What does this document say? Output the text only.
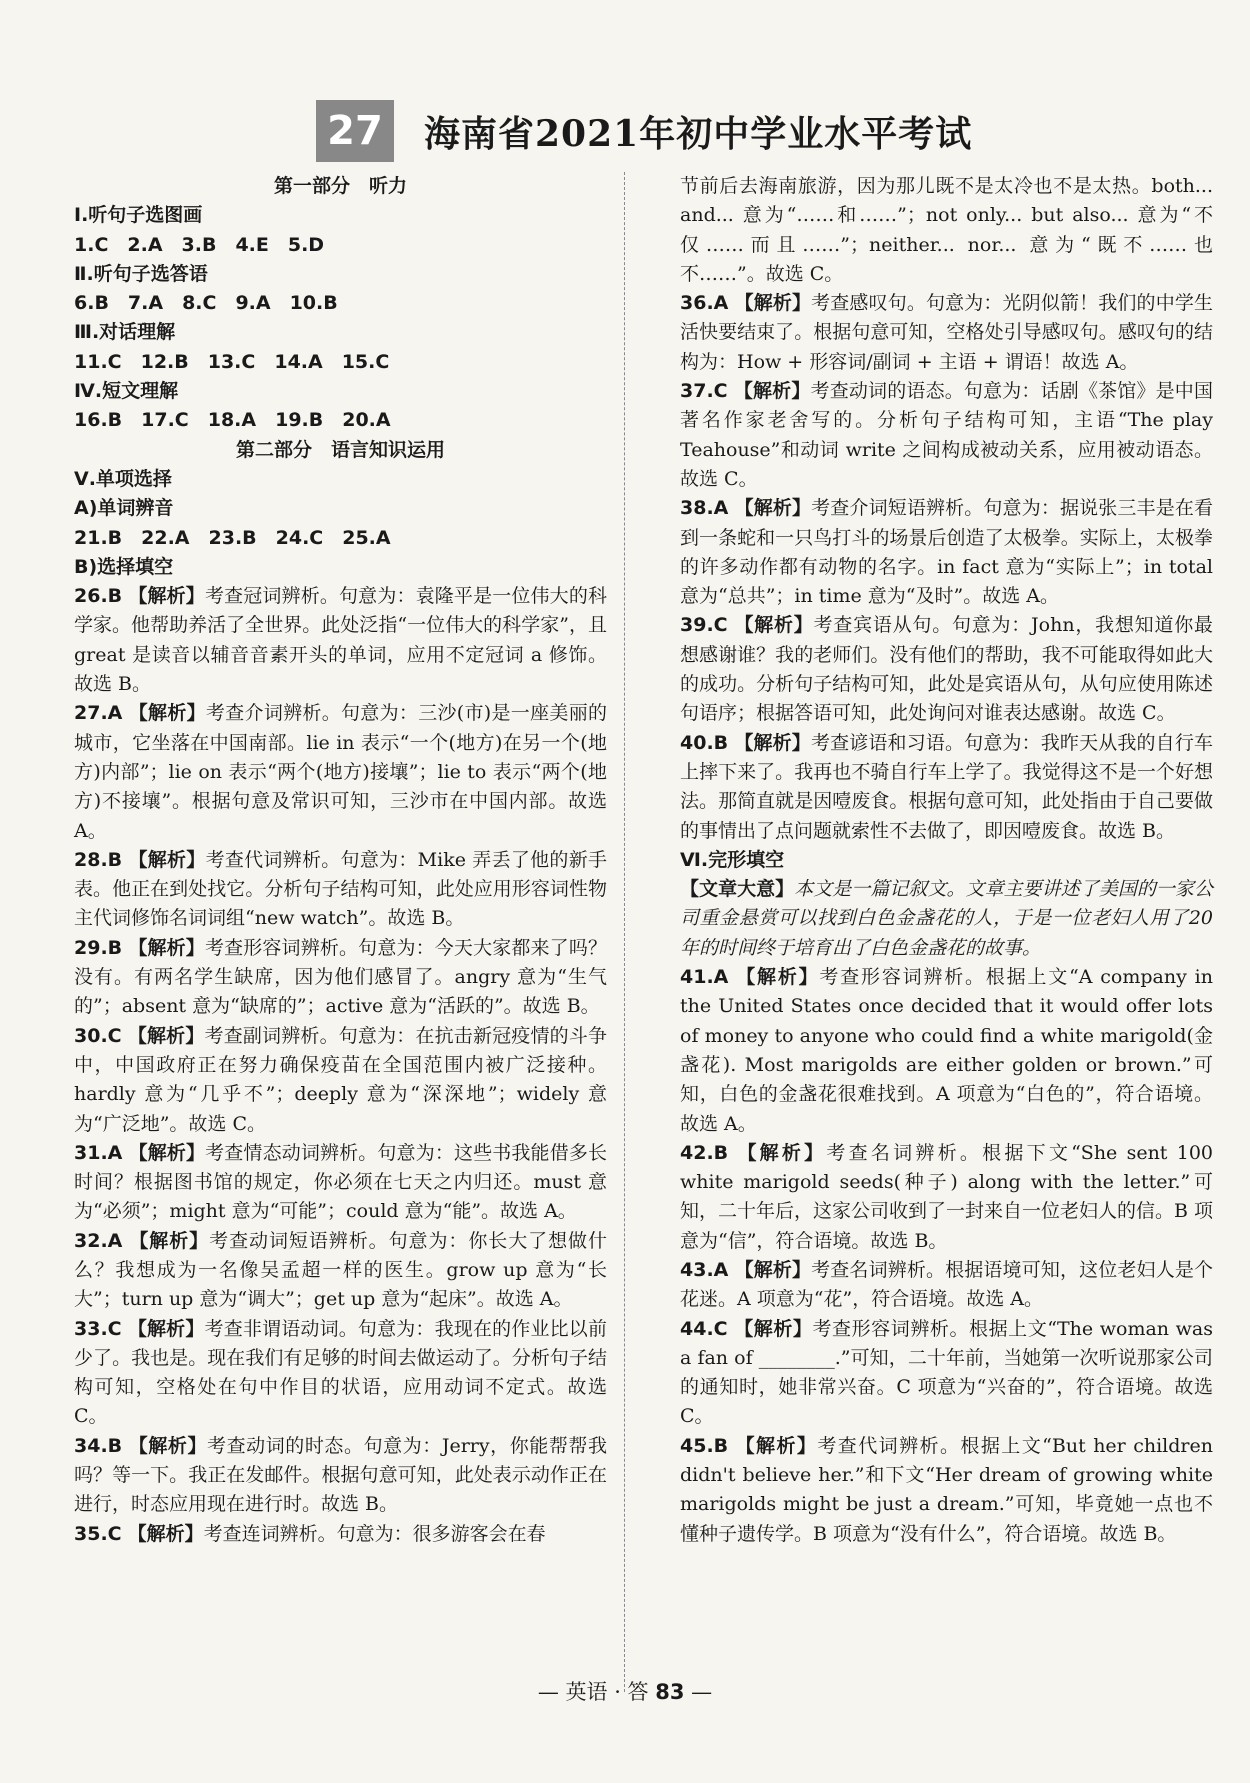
27	海南省2021年初中学业水平考试
第一部分　听力
Ⅰ.听句子选图画
1.C　2.A　3.B　4.E　5.D
Ⅱ.听句子选答语
6.B　7.A　8.C　9.A　10.B
Ⅲ.对话理解
11.C　12.B　13.C　14.A　15.C
Ⅳ.短文理解
16.B　17.C　18.A　19.B　20.A
第二部分　语言知识运用
Ⅴ.单项选择
A)单词辨音
21.B　22.A　23.B　24.C　25.A
B)选择填空
26.B 【解析】考查冠词辨析。句意为：袁隆平是一位伟大的科学家。他帮助养活了全世界。此处泛指“一位伟大的科学家”，且 great 是读音以辅音音素开头的单词，应用不定冠词 a 修饰。故选 B。
27.A 【解析】考查介词辨析。句意为：三沙(市)是一座美丽的城市，它坐落在中国南部。lie in 表示“一个(地方)在另一个(地方)内部”；lie on 表示“两个(地方)接壤”；lie to 表示“两个(地方)不接壤”。根据句意及常识可知，三沙市在中国内部。故选 A。
28.B 【解析】考查代词辨析。句意为：Mike 弄丢了他的新手表。他正在到处找它。分析句子结构可知，此处应用形容词性物主代词修饰名词词组“new watch”。故选 B。
29.B 【解析】考查形容词辨析。句意为：今天大家都来了吗？没有。有两名学生缺席，因为他们感冒了。angry 意为“生气的”；absent 意为“缺席的”；active 意为“活跃的”。故选 B。
30.C 【解析】考查副词辨析。句意为：在抗击新冠疫情的斗争中，中国政府正在努力确保疫苗在全国范围内被广泛接种。hardly 意为“几乎不”；deeply 意为“深深地”；widely 意为“广泛地”。故选 C。
31.A 【解析】考查情态动词辨析。句意为：这些书我能借多长时间？根据图书馆的规定，你必须在七天之内归还。must 意为“必须”；might 意为“可能”；could 意为“能”。故选 A。
32.A 【解析】考查动词短语辨析。句意为：你长大了想做什么？我想成为一名像吴孟超一样的医生。grow up 意为“长大”；turn up 意为“调大”；get up 意为“起床”。故选 A。
33.C 【解析】考查非谓语动词。句意为：我现在的作业比以前少了。我也是。现在我们有足够的时间去做运动了。分析句子结构可知，空格处在句中作目的状语，应用动词不定式。故选 C。
34.B 【解析】考查动词的时态。句意为：Jerry，你能帮帮我吗？等一下。我正在发邮件。根据句意可知，此处表示动作正在进行，时态应用现在进行时。故选 B。
35.C 【解析】考查连词辨析。句意为：很多游客会在春
节前后去海南旅游，因为那儿既不是太冷也不是太热。both... and... 意为“……和……”；not only... but also... 意为“不仅……而且……”；neither... nor... 意为“既不……也不……”。故选 C。
36.A 【解析】考查感叹句。句意为：光阴似箭！我们的中学生活快要结束了。根据句意可知，空格处引导感叹句。感叹句的结构为：How + 形容词/副词 + 主语 + 谓语！故选 A。
37.C 【解析】考查动词的语态。句意为：话剧《茶馆》是中国著名作家老舍写的。分析句子结构可知，主语“The play Teahouse”和动词 write 之间构成被动关系，应用被动语态。故选 C。
38.A 【解析】考查介词短语辨析。句意为：据说张三丰是在看到一条蛇和一只鸟打斗的场景后创造了太极拳。实际上，太极拳的许多动作都有动物的名字。in fact 意为“实际上”；in total 意为“总共”；in time 意为“及时”。故选 A。
39.C 【解析】考查宾语从句。句意为：John，我想知道你最想感谢谁？我的老师们。没有他们的帮助，我不可能取得如此大的成功。分析句子结构可知，此处是宾语从句，从句应使用陈述句语序；根据答语可知，此处询问对谁表达感谢。故选 C。
40.B 【解析】考查谚语和习语。句意为：我昨天从我的自行车上摔下来了。我再也不骑自行车上学了。我觉得这不是一个好想法。那简直就是因噎废食。根据句意可知，此处指由于自己要做的事情出了点问题就索性不去做了，即因噎废食。故选 B。
Ⅵ.完形填空
【文章大意】本文是一篇记叙文。文章主要讲述了美国的一家公司重金悬赏可以找到白色金盏花的人，于是一位老妇人用了20年的时间终于培育出了白色金盏花的故事。
41.A 【解析】考查形容词辨析。根据上文“A company in the United States once decided that it would offer lots of money to anyone who could find a white marigold(金盏花). Most marigolds are either golden or brown.”可知，白色的金盏花很难找到。A 项意为“白色的”，符合语境。故选 A。
42.B 【解析】考查名词辨析。根据下文“She sent 100 white marigold seeds(种子) along with the letter.”可知，二十年后，这家公司收到了一封来自一位老妇人的信。B 项意为“信”，符合语境。故选 B。
43.A 【解析】考查名词辨析。根据语境可知，这位老妇人是个花迷。A 项意为“花”，符合语境。故选 A。
44.C 【解析】考查形容词辨析。根据上文“The woman was a fan of ________.”可知，二十年前，当她第一次听说那家公司的通知时，她非常兴奋。C 项意为“兴奋的”，符合语境。故选 C。
45.B 【解析】考查代词辨析。根据上文“But her children didn't believe her.”和下文“Her dream of growing white marigolds might be just a dream.”可知，毕竟她一点也不懂种子遗传学。B 项意为“没有什么”，符合语境。故选 B。
— 英语 · 答 83 —
